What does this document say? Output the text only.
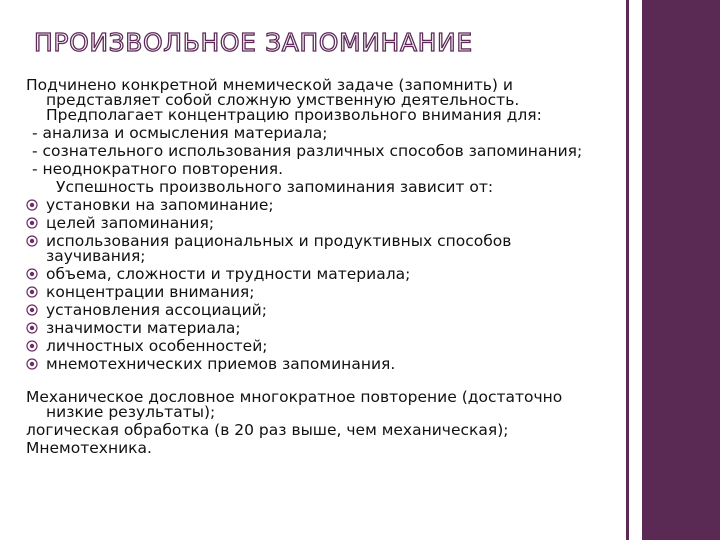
ПРОИЗВОЛЬНОЕ ЗАПОМИНАНИЕ
Подчинено конкретной мнемической задаче (запомнить) и
представляет собой сложную умственную деятельность.
Предполагает концентрацию произвольного внимания для:
- анализа и осмысления материала;
- сознательного использования различных способов запоминания;
- неоднократного повторения.
Успешность произвольного запоминания зависит от:
установки на запоминание;
целей запоминания;
использования рациональных и продуктивных способов
заучивания;
объема, сложности и трудности материала;
концентрации внимания;
установления ассоциаций;
значимости материала;
личностных особенностей;
мнемотехнических приемов запоминания.
Механическое дословное многократное повторение (достаточно
низкие результаты);
логическая обработка (в 20 раз выше, чем механическая);
Мнемотехника.
